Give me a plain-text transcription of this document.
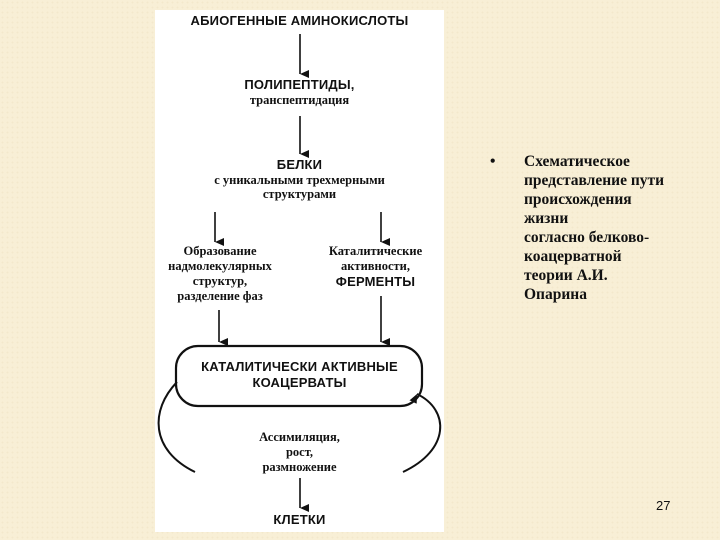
АБИОГЕННЫЕ АМИНОКИСЛОТЫ
ПОЛИПЕПТИДЫ,
транспептидация
БЕЛКИ
с уникальными трехмерными
структурами
Образование
надмолекулярных
структур,
разделение фаз
Каталитические
активности,
ФЕРМЕНТЫ
КАТАЛИТИЧЕСКИ АКТИВНЫЕ
КОАЦЕРВАТЫ
Ассимиляция,
рост,
размножение
КЛЕТКИ
• Схематическое
представление пути
происхождения
жизни
согласно белково-
коацерватной
теории А.И.
Опарина
27
